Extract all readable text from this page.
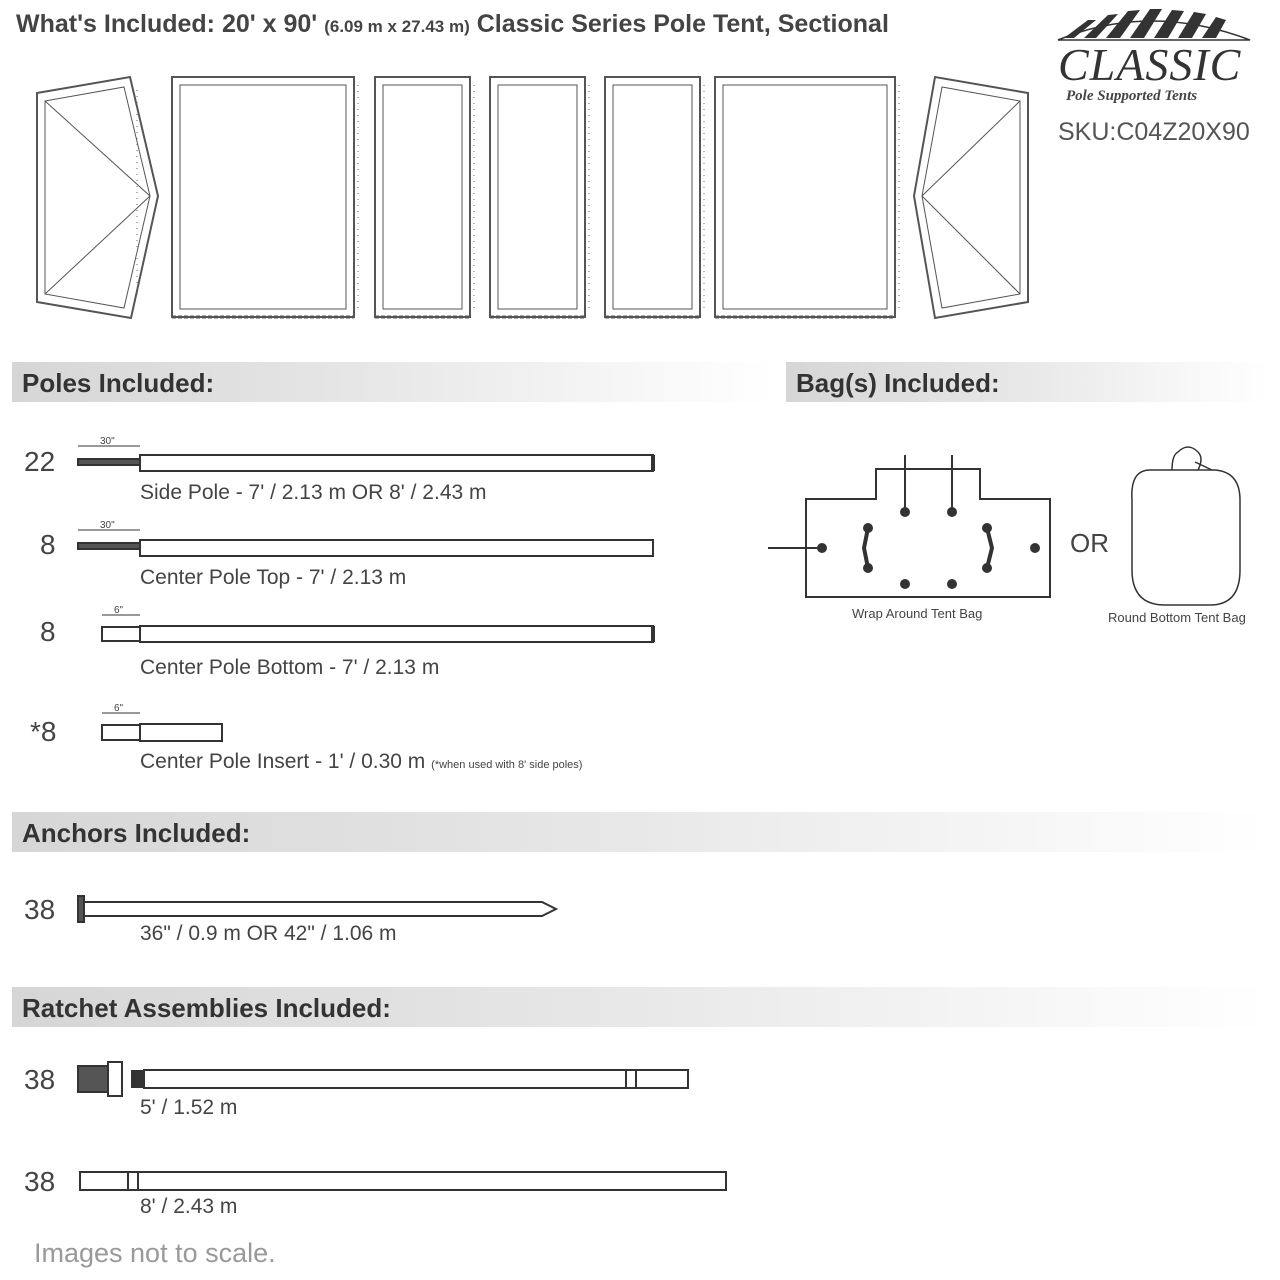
What's Included: 20' x 90' (6.09 m x 27.43 m) Classic Series Pole Tent, Sectional
CLASSIC
Pole Supported Tents
SKU:C04Z20X90
Poles Included:	Bag(s) Included:
Anchors Included:
Ratchet Assemblies Included:
22
30"
Side Pole - 7' / 2.13 m OR 8' / 2.43 m
8
30"
Center Pole Top - 7' / 2.13 m
8
6"
Center Pole Bottom - 7' / 2.13 m
*8
6"
Center Pole Insert - 1' / 0.30 m (*when used with 8' side poles)
Wrap Around Tent Bag
OR
Round Bottom Tent Bag
38
36" / 0.9 m OR 42" / 1.06 m
38
5' / 1.52 m
38
8' / 2.43 m
Images not to scale.
